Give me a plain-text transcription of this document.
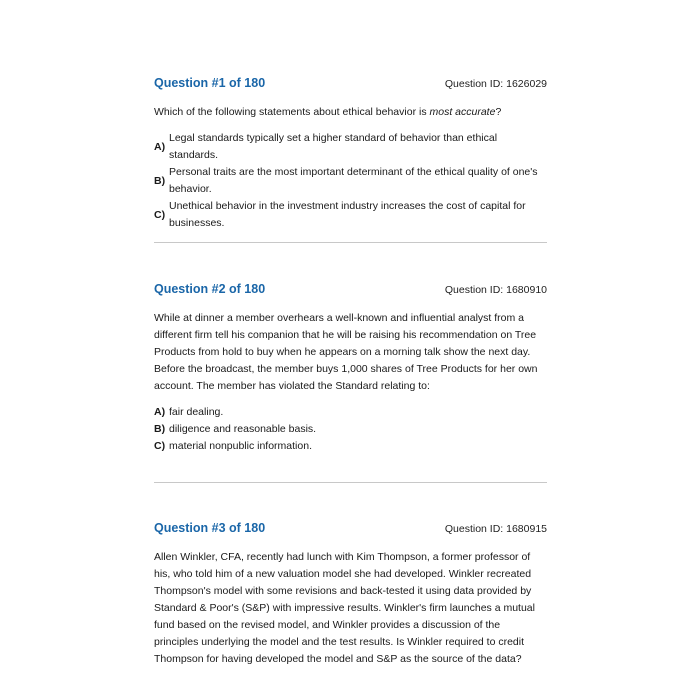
Question #1 of 180	Question ID: 1626029
Which of the following statements about ethical behavior is most accurate?
A)
Legal standards typically set a higher standard of behavior than ethical standards.
B)
Personal traits are the most important determinant of the ethical quality of one's behavior.
C)
Unethical behavior in the investment industry increases the cost of capital for businesses.
Question #2 of 180	Question ID: 1680910
While at dinner a member overhears a well-known and influential analyst from a different firm tell his companion that he will be raising his recommendation on Tree Products from hold to buy when he appears on a morning talk show the next day. Before the broadcast, the member buys 1,000 shares of Tree Products for her own account. The member has violated the Standard relating to:
A) fair dealing.
B) diligence and reasonable basis.
C) material nonpublic information.
Question #3 of 180	Question ID: 1680915
Allen Winkler, CFA, recently had lunch with Kim Thompson, a former professor of his, who told him of a new valuation model she had developed. Winkler recreated Thompson's model with some revisions and back-tested it using data provided by Standard & Poor's (S&P) with impressive results. Winkler's firm launches a mutual fund based on the revised model, and Winkler provides a discussion of the principles underlying the model and the test results. Is Winkler required to credit Thompson for having developed the model and S&P as the source of the data?
